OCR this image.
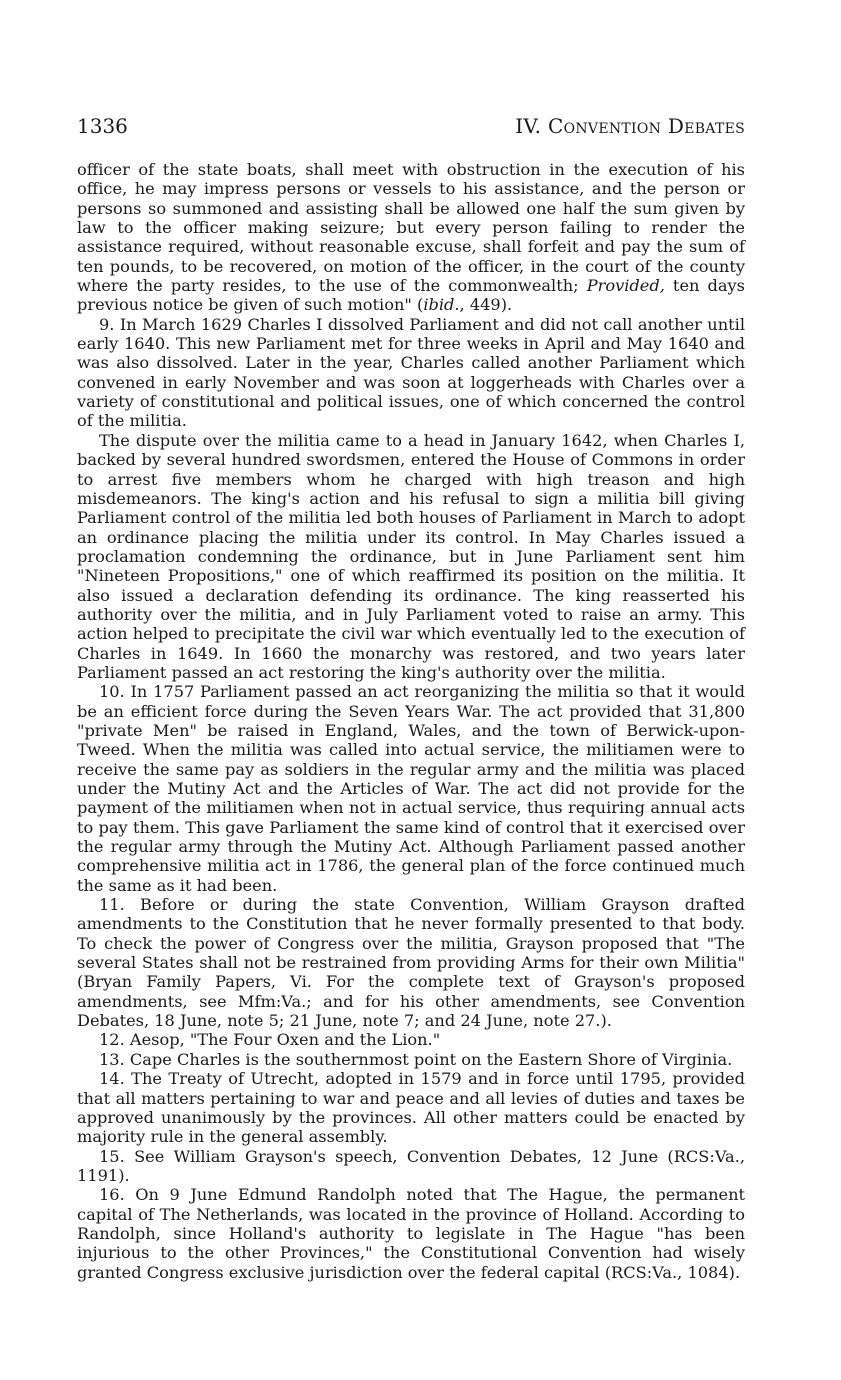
1336	IV. Convention Debates

officer of the state boats, shall meet with obstruction in the execution of his office, he may impress persons or vessels to his assistance, and the person or persons so summoned and assisting shall be allowed one half the sum given by law to the officer making seizure; but every person failing to render the assistance required, without reasonable excuse, shall forfeit and pay the sum of ten pounds, to be recovered, on motion of the officer, in the court of the county where the party resides, to the use of the commonwealth; Provided, ten days previous notice be given of such motion" (ibid., 449).

9. In March 1629 Charles I dissolved Parliament and did not call another until early 1640. This new Parliament met for three weeks in April and May 1640 and was also dissolved. Later in the year, Charles called another Parliament which convened in early November and was soon at loggerheads with Charles over a variety of constitutional and political issues, one of which concerned the control of the militia.

The dispute over the militia came to a head in January 1642, when Charles I, backed by several hundred swordsmen, entered the House of Commons in order to arrest five members whom he charged with high treason and high misdemeanors. The king's action and his refusal to sign a militia bill giving Parliament control of the militia led both houses of Parliament in March to adopt an ordinance placing the militia under its control. In May Charles issued a proclamation condemning the ordinance, but in June Parliament sent him "Nineteen Propositions," one of which reaffirmed its position on the militia. It also issued a declaration defending its ordinance. The king reasserted his authority over the militia, and in July Parliament voted to raise an army. This action helped to precipitate the civil war which eventually led to the execution of Charles in 1649. In 1660 the monarchy was restored, and two years later Parliament passed an act restoring the king's authority over the militia.

10. In 1757 Parliament passed an act reorganizing the militia so that it would be an efficient force during the Seven Years War. The act provided that 31,800 "private Men" be raised in England, Wales, and the town of Berwick-upon-Tweed. When the militia was called into actual service, the militiamen were to receive the same pay as soldiers in the regular army and the militia was placed under the Mutiny Act and the Articles of War. The act did not provide for the payment of the militiamen when not in actual service, thus requiring annual acts to pay them. This gave Parliament the same kind of control that it exercised over the regular army through the Mutiny Act. Although Parliament passed another comprehensive militia act in 1786, the general plan of the force continued much the same as it had been.

11. Before or during the state Convention, William Grayson drafted amendments to the Constitution that he never formally presented to that body. To check the power of Congress over the militia, Grayson proposed that "The several States shall not be restrained from providing Arms for their own Militia" (Bryan Family Papers, Vi. For the complete text of Grayson's proposed amendments, see Mfm:Va.; and for his other amendments, see Convention Debates, 18 June, note 5; 21 June, note 7; and 24 June, note 27.).

12. Aesop, "The Four Oxen and the Lion."

13. Cape Charles is the southernmost point on the Eastern Shore of Virginia.

14. The Treaty of Utrecht, adopted in 1579 and in force until 1795, provided that all matters pertaining to war and peace and all levies of duties and taxes be approved unanimously by the provinces. All other matters could be enacted by majority rule in the general assembly.

15. See William Grayson's speech, Convention Debates, 12 June (RCS:Va., 1191).

16. On 9 June Edmund Randolph noted that The Hague, the permanent capital of The Netherlands, was located in the province of Holland. According to Randolph, since Holland's authority to legislate in The Hague "has been injurious to the other Provinces," the Constitutional Convention had wisely granted Congress exclusive jurisdiction over the federal capital (RCS:Va., 1084).
